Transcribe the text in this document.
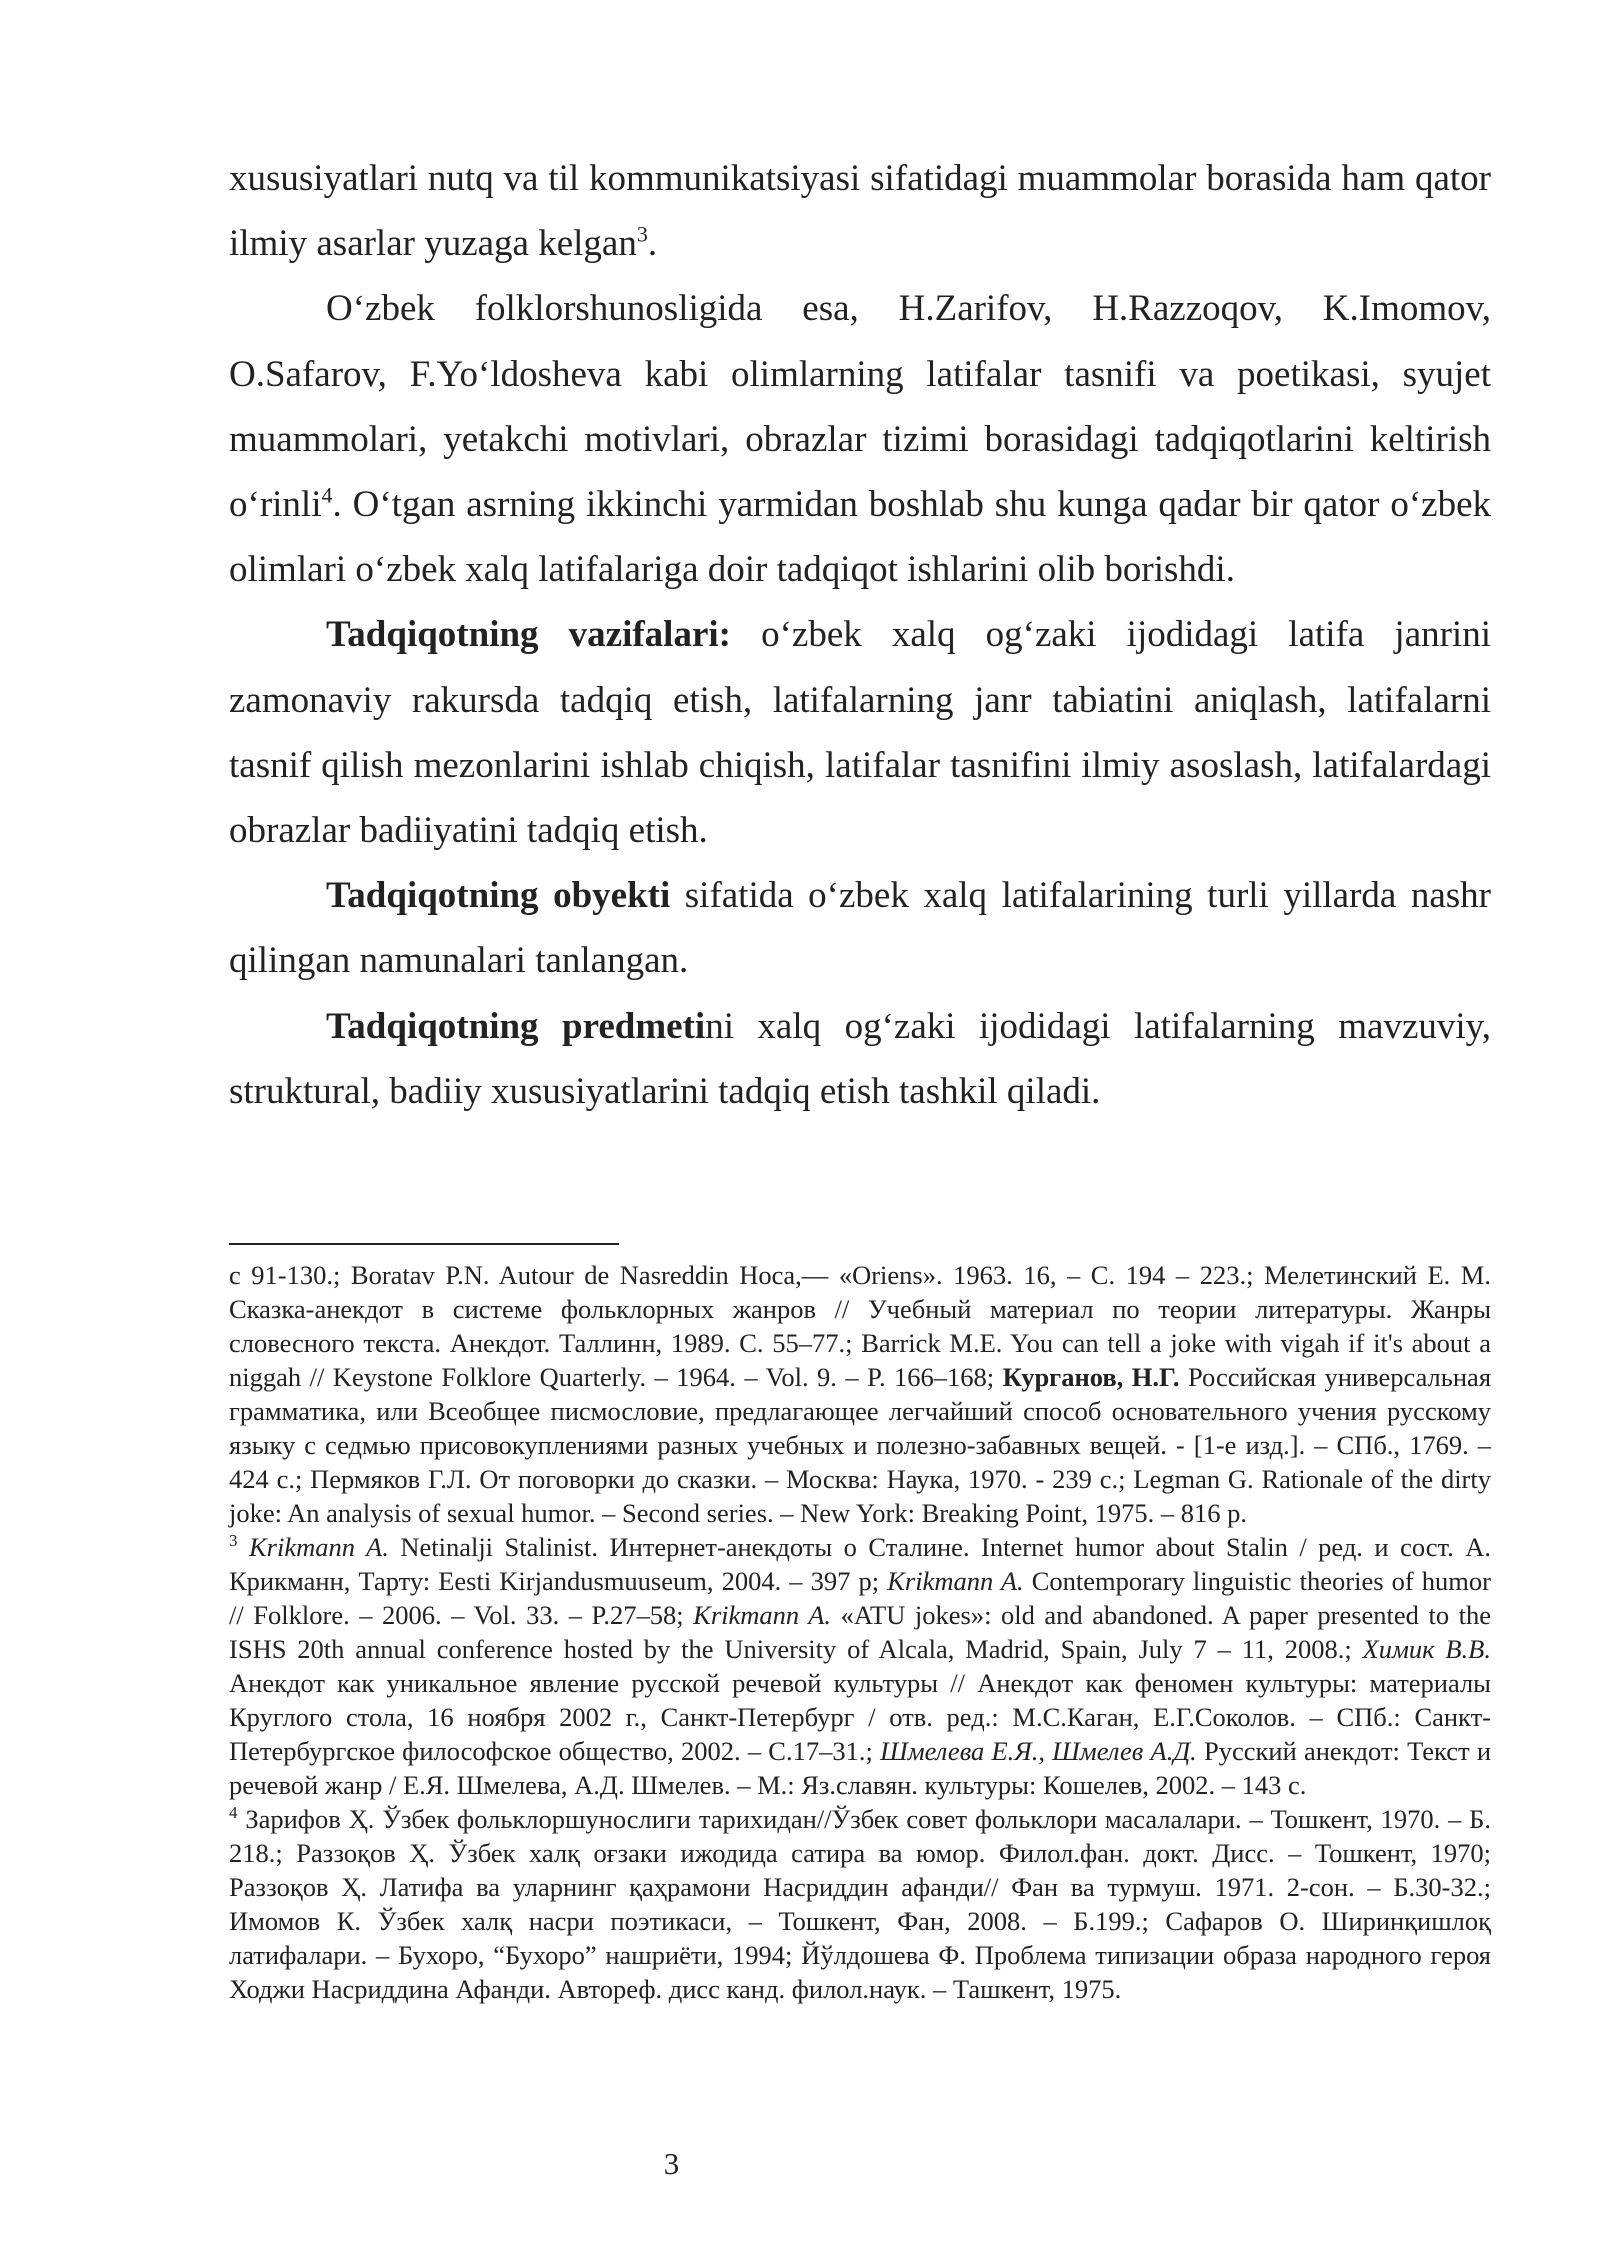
xususiyatlari nutq va til kommunikatsiyasi sifatidagi muammolar borasida ham qator ilmiy asarlar yuzaga kelgan$^3$.

O‘zbek folklorshunosligida esa, H.Zarifov, H.Razzoqov, K.Imomov, O.Safarov, F.Yo‘ldosheva kabi olimlarning latifalar tasnifi va poetikasi, syujet muammolari, yetakchi motivlari, obrazlar tizimi borasidagi tadqiqotlarini keltirish o‘rinli$^4$. O‘tgan asrning ikkinchi yarmidan boshlab shu kunga qadar bir qator o‘zbek olimlari o‘zbek xalq latifalariga doir tadqiqot ishlarini olib borishdi.

Tadqiqotning vazifalari: o‘zbek xalq og‘zaki ijodidagi latifa janrini zamonaviy rakursda tadqiq etish, latifalarning janr tabiatini aniqlash, latifalarni tasnif qilish mezonlarini ishlab chiqish, latifalar tasnifini ilmiy asoslash, latifalardagi obrazlar badiiyatini tadqiq etish.

Tadqiqotning obyekti sifatida o‘zbek xalq latifalarining turli yillarda nashr qilingan namunalari tanlangan.

Tadqiqotning predmetini xalq og‘zaki ijodidagi latifalarning mavzuviy, struktural, badiiy xususiyatlarini tadqiq etish tashkil qiladi.

с 91-130.; Boratav P.N. Autour de Nasreddin Hoca,— «Oriens». 1963. 16, – С. 194 – 223.; Мелетинский Е. М. Сказка-анекдот в системе фольклорных жанров // Учебный материал по теории литературы. Жанры словесного текста. Анекдот. Таллинн, 1989. С. 55–77.; Barrick M.E. You can tell a joke with vigah if it's about a niggah // Keystone Folklore Quarterly. – 1964. – Vol. 9. – P. 166–168; Курганов, Н.Г. Российская универсальная грамматика, или Всеобщее писмословие, предлагающее легчайший способ основательного учения русскому языку с седмью присовокуплениями разных учебных и полезно-забавных вещей. - [1-е изд.]. – СПб., 1769. – 424 с.; Пермяков Г.Л. От поговорки до сказки. – Москва: Наука, 1970. - 239 с.; Legman G. Rationale of the dirty joke: An analysis of sexual humor. – Second series. – New York: Breaking Point, 1975. – 816 p.

$^3$ Krikmann A. Netinalji Stalinist. Интернет-анекдоты о Сталине. Internet humor about Stalin / ред. и сост. А. Крикманн, Тарту: Eesti Kirjandusmuuseum, 2004. – 397 p; Krikmann A. Contemporary linguistic theories of humor // Folklore. – 2006. – Vol. 33. – P.27–58; Krikmann A. «ATU jokes»: old and abandoned. A paper presented to the ISHS 20th annual conference hosted by the University of Alcala, Madrid, Spain, July 7 – 11, 2008.; Химик В.В. Анекдот как уникальное явление русской речевой культуры // Анекдот как феномен культуры: материалы Круглого стола, 16 ноября 2002 г., Санкт-Петербург / отв. ред.: М.С.Каган, Е.Г.Соколов. – СПб.: Санкт-Петербургское философское общество, 2002. – С.17–31.; Шмелева Е.Я., Шмелев А.Д. Русский анекдот: Текст и речевой жанр / Е.Я. Шмелева, А.Д. Шмелев. – М.: Яз.славян. культуры: Кошелев, 2002. – 143 с.

$^4$ Зарифов Ҳ. Ўзбек фольклоршунослиги тарихидан//Ўзбек совет фольклори масалалари. – Тошкент, 1970. – Б. 218.; Раззоқов Ҳ. Ўзбек халқ оғзаки ижодида сатира ва юмор. Филол.фан. докт. Дисс. – Тошкент, 1970; Раззоқов Ҳ. Латифа ва уларнинг қаҳрамони Насриддин афанди// Фан ва турмуш. 1971. 2-сон. – Б.30-32.; Имомов К. Ўзбек халқ насри поэтикаси, – Тошкент, Фан, 2008. – Б.199.; Сафаров О. Ширинқишлоқ латифалари. – Бухоро, “Бухоро” нашриёти, 1994; Йўлдошева Ф. Проблема типизации образа народного героя Ходжи Насриддина Афанди. Автореф. дисс канд. филол.наук. – Ташкент, 1975.

3
